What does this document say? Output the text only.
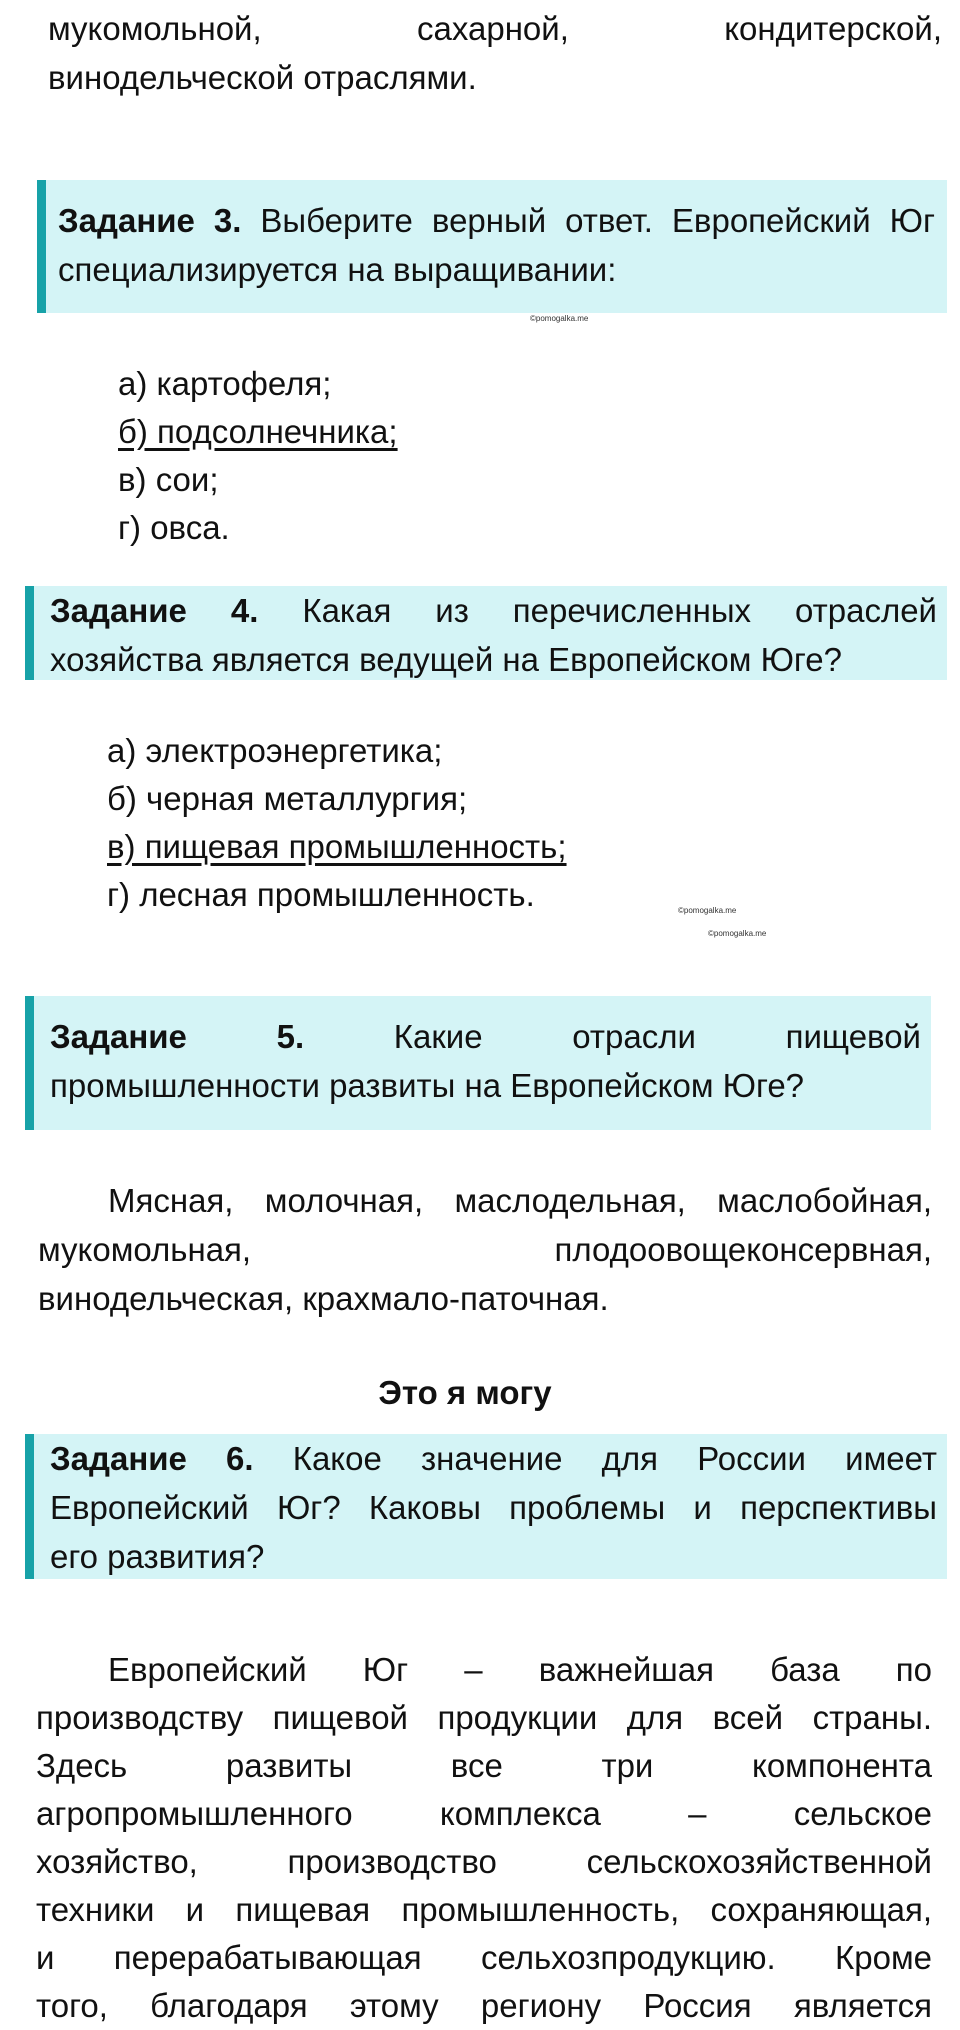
мукомольной, сахарной, кондитерской,
винодельческой отраслями.
Задание 3. Выберите верный ответ. Европейский Юг
специализируется на выращивании:
©pomogalka.me
а) картофеля;
б) подсолнечника;
в) сои;
г) овса.
Задание 4. Какая из перечисленных отраслей
хозяйства является ведущей на Европейском Юге?
а) электроэнергетика;
б) черная металлургия;
в) пищевая промышленность;
г) лесная промышленность.	©pomogalka.me
©pomogalka.me
Задание 5. Какие отрасли пищевой
промышленности развиты на Европейском Юге?
Мясная, молочная, маслодельная, маслобойная,
мукомольная, плодоовощеконсервная,
винодельческая, крахмало-паточная.
Это я могу
Задание 6. Какое значение для России имеет
Европейский Юг? Каковы проблемы и перспективы
его развития?
Европейский Юг – важнейшая база по
производству пищевой продукции для всей страны.
Здесь развиты все три компонента
агропромышленного комплекса – сельское
хозяйство, производство сельскохозяйственной
техники и пищевая промышленность, сохраняющая,
и перерабатывающая сельхозпродукцию. Кроме
того, благодаря этому региону Россия является
